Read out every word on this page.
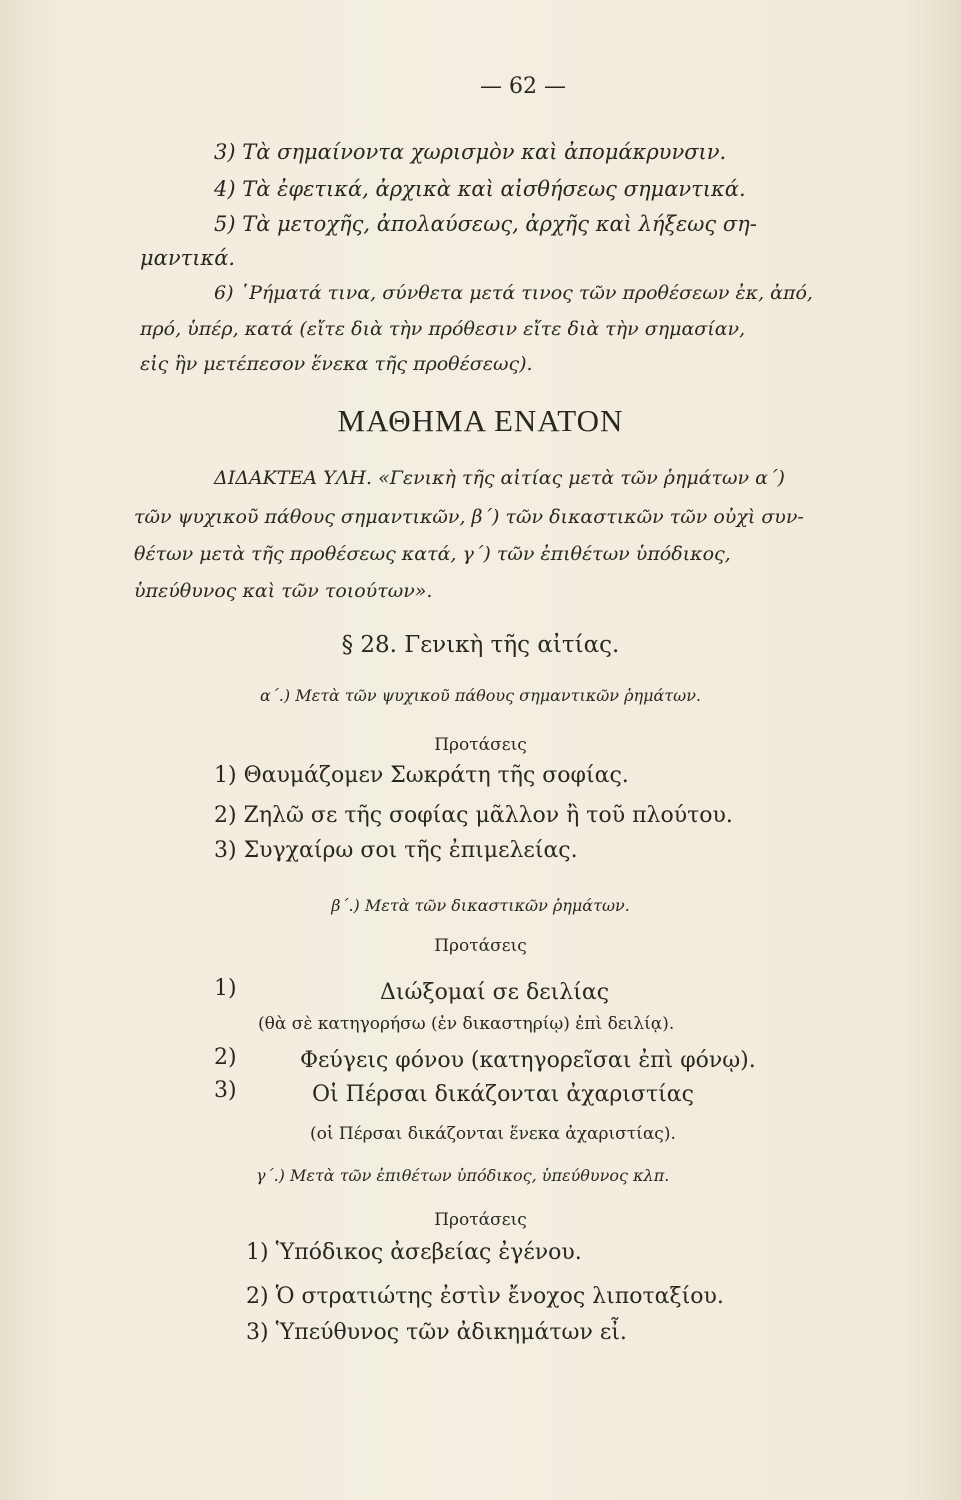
— 62 —
3) Τὰ σημαίνοντα χωρισμὸν καὶ ἀπομάκρυνσιν.
4) Τὰ ἐφετικά, ἀρχικὰ καὶ αἰσθήσεως σημαντικά.
5) Τὰ μετοχῆς, ἀπολαύσεως, ἀρχῆς καὶ λήξεως ση-
μαντικά.
6) ῾Ρήματά τινα, σύνθετα μετά τινος τῶν προθέσεων ἐκ, ἀπό,
πρό, ὑπέρ, κατά (εἴτε διὰ τὴν πρόθεσιν εἴτε διὰ τὴν σημασίαν,
εἰς ἣν μετέπεσον ἕνεκα τῆς προθέσεως).
ΜΑΘΗΜΑ ΕΝΑΤΟΝ
ΔΙΔΑΚΤΕΑ ΥΛΗ. «Γενικὴ τῆς αἰτίας μετὰ τῶν ῥημάτων α΄)
τῶν ψυχικοῦ πάθους σημαντικῶν, β΄) τῶν δικαστικῶν τῶν οὐχὶ συν-
θέτων μετὰ τῆς προθέσεως κατά, γ΄) τῶν ἐπιθέτων ὑπόδικος,
ὑπεύθυνος καὶ τῶν τοιούτων».
§ 28. Γενικὴ τῆς αἰτίας.
α΄.) Μετὰ τῶν ψυχικοῦ πάθους σημαντικῶν ῥημάτων.
Προτάσεις
1) Θαυμάζομεν Σωκράτη τῆς σοφίας.
2) Ζηλῶ σε τῆς σοφίας μᾶλλον ἢ τοῦ πλούτου.
3) Συγχαίρω σοι τῆς ἐπιμελείας.
β΄.) Μετὰ τῶν δικαστικῶν ῥημάτων.
Προτάσεις
1)	Διώξομαί σε δειλίας
(θὰ σὲ κατηγορήσω (ἐν δικαστηρίῳ) ἐπὶ δειλίᾳ).
2)	Φεύγεις φόνου (κατηγορεῖσαι ἐπὶ φόνῳ).
3)	Οἱ Πέρσαι δικάζονται ἀχαριστίας
(οἱ Πέρσαι δικάζονται ἕνεκα ἀχαριστίας).
γ΄.) Μετὰ τῶν ἐπιθέτων ὑπόδικος, ὑπεύθυνος κλπ.
Προτάσεις
1) Ὑπόδικος ἀσεβείας ἐγένου.
2) Ὁ στρατιώτης ἐστὶν ἔνοχος λιποταξίου.
3) Ὑπεύθυνος τῶν ἀδικημάτων εἶ.
